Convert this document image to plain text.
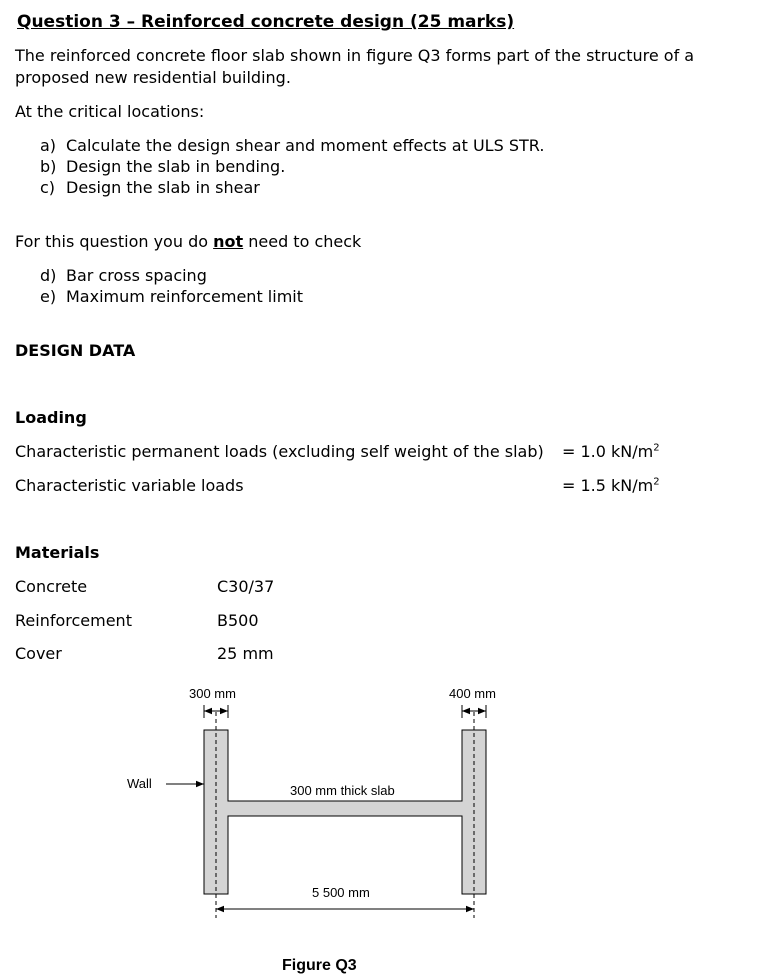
Question 3 – Reinforced concrete design (25 marks)
The reinforced concrete floor slab shown in figure Q3 forms part of the structure of a
proposed new residential building.
At the critical locations:
a) Calculate the design shear and moment effects at ULS STR.
b) Design the slab in bending.
c) Design the slab in shear
For this question you do not need to check
d) Bar cross spacing
e) Maximum reinforcement limit
DESIGN DATA
Loading
Characteristic permanent loads (excluding self weight of the slab) = 1.0 $kN/m^2$
Characteristic variable loads	= 1.5 $kN/m^2$
Materials
Concrete	C30/37
Reinforcement	B500
Cover	25 mm
300 mm	400 mm
Wall	300 mm thick slab
5 500 mm
Figure Q3
